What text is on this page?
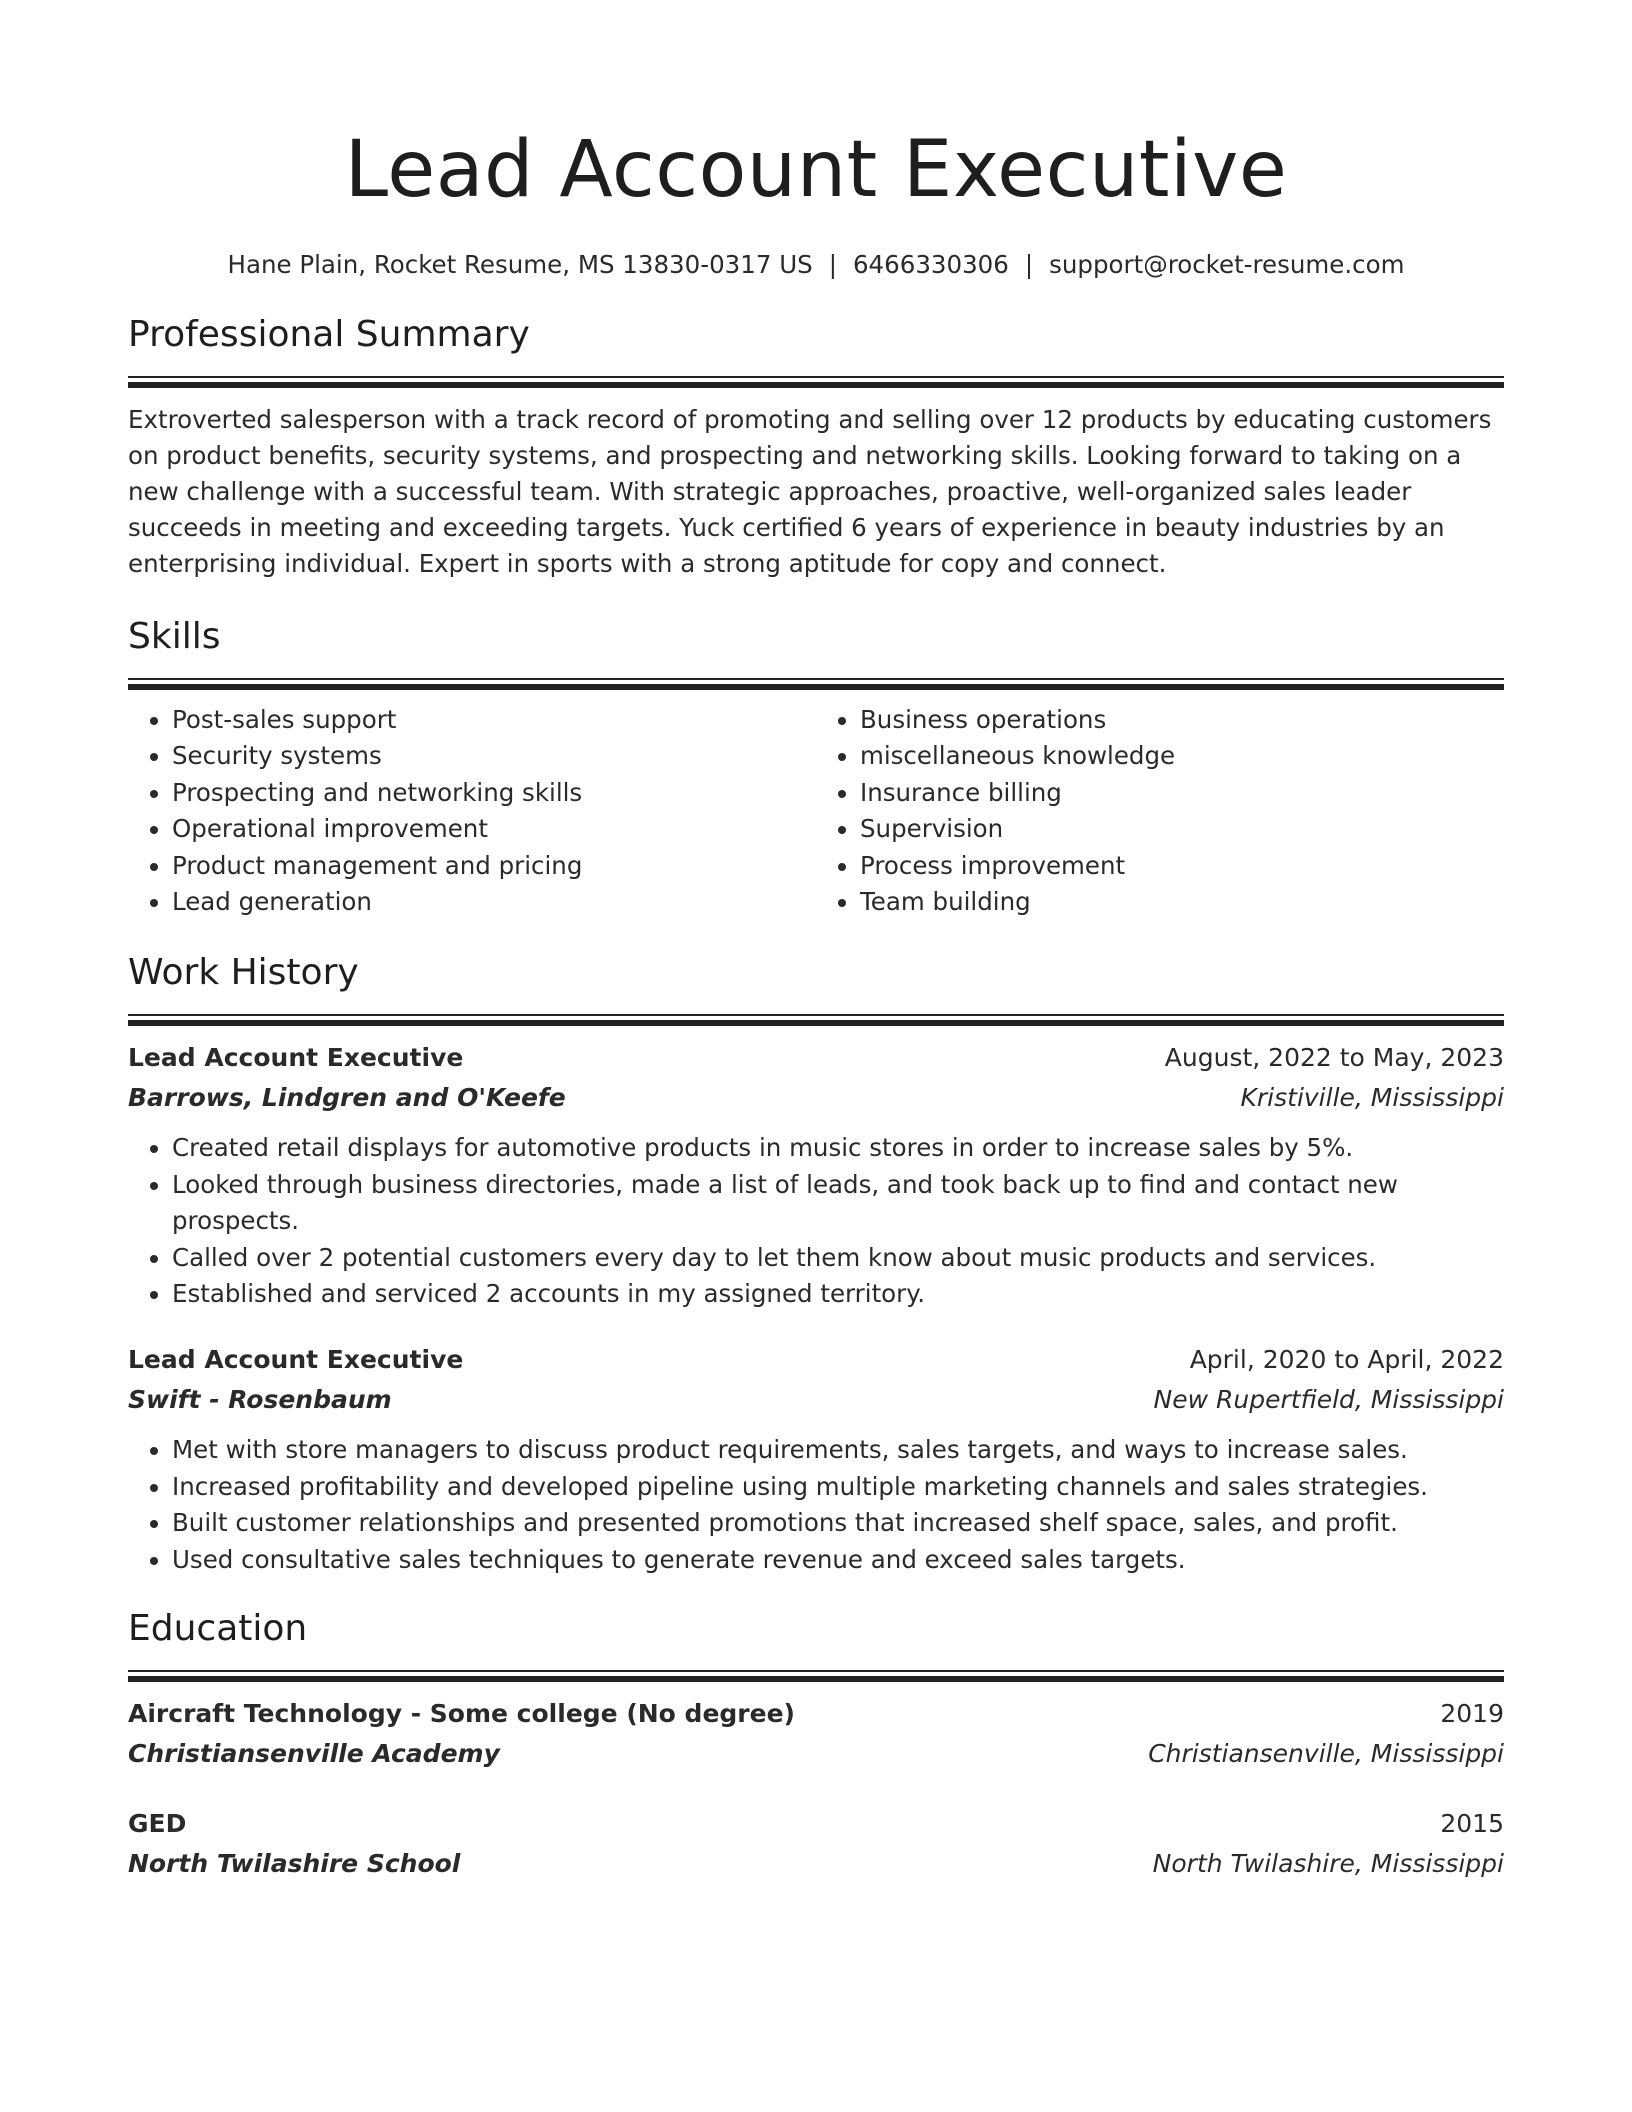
Lead Account Executive
Hane Plain, Rocket Resume, MS 13830-0317 US | 6466330306 | support@rocket-resume.com
Professional Summary
Extroverted salesperson with a track record of promoting and selling over 12 products by educating customers on product benefits, security systems, and prospecting and networking skills. Looking forward to taking on a new challenge with a successful team. With strategic approaches, proactive, well-organized sales leader succeeds in meeting and exceeding targets. Yuck certified 6 years of experience in beauty industries by an enterprising individual. Expert in sports with a strong aptitude for copy and connect.
Skills
• Post-sales support
• Security systems
• Prospecting and networking skills
• Operational improvement
• Product management and pricing
• Lead generation
• Business operations
• miscellaneous knowledge
• Insurance billing
• Supervision
• Process improvement
• Team building
Work History
Lead Account Executive	August, 2022 to May, 2023
Barrows, Lindgren and O'Keefe	Kristiville, Mississippi
• Created retail displays for automotive products in music stores in order to increase sales by 5%.
• Looked through business directories, made a list of leads, and took back up to find and contact new prospects.
• Called over 2 potential customers every day to let them know about music products and services.
• Established and serviced 2 accounts in my assigned territory.
Lead Account Executive	April, 2020 to April, 2022
Swift - Rosenbaum	New Rupertfield, Mississippi
• Met with store managers to discuss product requirements, sales targets, and ways to increase sales.
• Increased profitability and developed pipeline using multiple marketing channels and sales strategies.
• Built customer relationships and presented promotions that increased shelf space, sales, and profit.
• Used consultative sales techniques to generate revenue and exceed sales targets.
Education
Aircraft Technology - Some college (No degree)	2019
Christiansenville Academy	Christiansenville, Mississippi
GED	2015
North Twilashire School	North Twilashire, Mississippi
